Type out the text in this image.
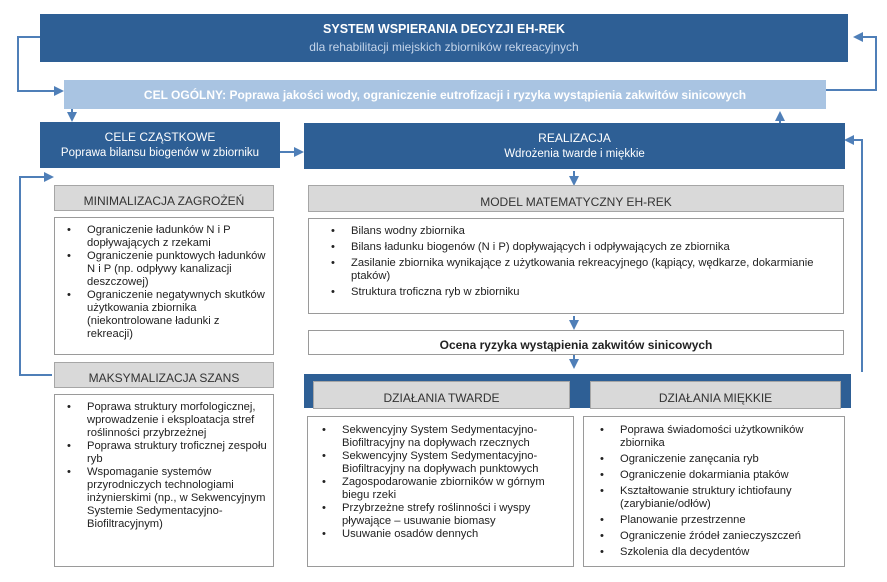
SYSTEM WSPIERANIA DECYZJI EH-REK
dla rehabilitacji miejskich zbiorników rekreacyjnych
CEL OGÓLNY: Poprawa jakości wody, ograniczenie eutrofizacji i ryzyka wystąpienia zakwitów sinicowych
CELE CZĄSTKOWE
Poprawa bilansu biogenów w zbiorniku
REALIZACJA
Wdrożenia twarde i miękkie
MINIMALIZACJA ZAGROŻEŃ
• Ograniczenie ładunków N i P dopływających z rzekami
• Ograniczenie punktowych ładunków N i P (np. odpływy kanalizacji deszczowej)
• Ograniczenie negatywnych skutków użytkowania zbiornika (niekontrolowane ładunki z rekreacji)
MAKSYMALIZACJA SZANS
• Poprawa struktury morfologicznej, wprowadzenie i eksploatacja stref roślinności przybrzeżnej
• Poprawa struktury troficznej zespołu ryb
• Wspomaganie systemów przyrodniczych technologiami inżynierskimi (np., w Sekwencyjnym Systemie Sedymentacyjno-Biofiltracyjnym)
MODEL MATEMATYCZNY EH-REK
• Bilans wodny zbiornika
• Bilans ładunku biogenów (N i P) dopływających i odpływających ze zbiornika
• Zasilanie zbiornika wynikające z użytkowania rekreacyjnego (kąpiący, wędkarze, dokarmianie ptaków)
• Struktura troficzna ryb w zbiorniku
Ocena ryzyka wystąpienia zakwitów sinicowych
DZIAŁANIA TWARDE	DZIAŁANIA MIĘKKIE
• Sekwencyjny System Sedymentacyjno-Biofiltracyjny na dopływach rzecznych
• Sekwencyjny System Sedymentacyjno-Biofiltracyjny na dopływach punktowych
• Zagospodarowanie zbiorników w górnym biegu rzeki
• Przybrzeżne strefy roślinności i wyspy pływające – usuwanie biomasy
• Usuwanie osadów dennych
• Poprawa świadomości użytkowników zbiornika
• Ograniczenie zanęcania ryb
• Ograniczenie dokarmiania ptaków
• Kształtowanie struktury ichtiofauny (zarybianie/odłów)
• Planowanie przestrzenne
• Ograniczenie źródeł zanieczyszczeń
• Szkolenia dla decydentów
